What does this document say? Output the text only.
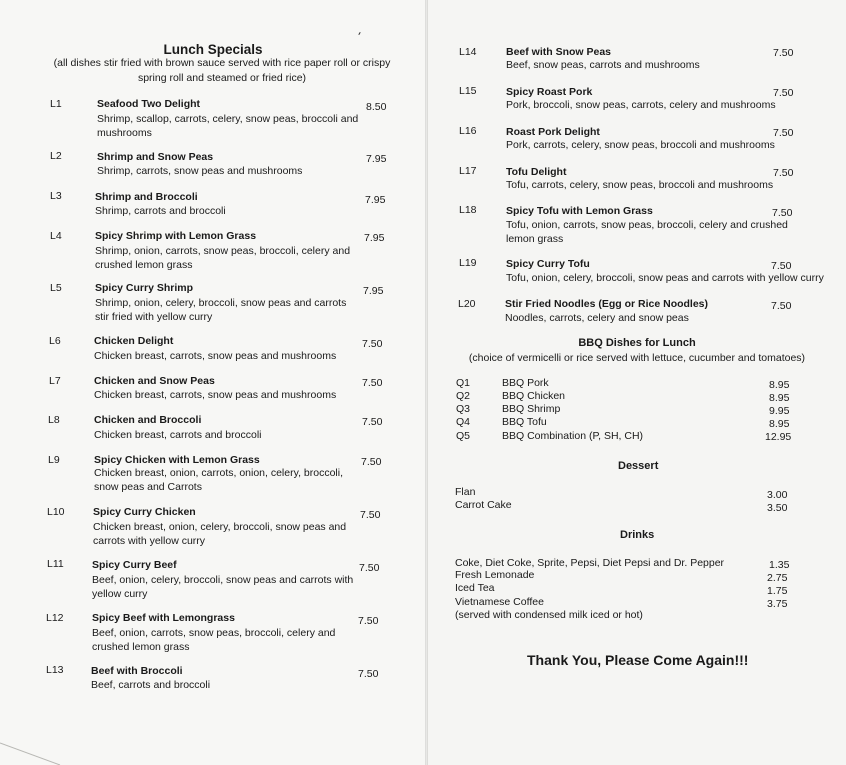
Lunch Specials
(all dishes stir fried with brown sauce served with rice paper roll or crispy spring roll and steamed or fried rice)
L1	Seafood Two Delight	8.50
Shrimp, scallop, carrots, celery, snow peas, broccoli and mushrooms
L2	Shrimp and Snow Peas	7.95
Shrimp, carrots, snow peas and mushrooms
L3	Shrimp and Broccoli	7.95
Shrimp, carrots and broccoli
L4	Spicy Shrimp with Lemon Grass	7.95
Shrimp, onion, carrots, snow peas, broccoli, celery and crushed lemon grass
L5	Spicy Curry Shrimp	7.95
Shrimp, onion, celery, broccoli, snow peas and carrots stir fried with yellow curry
L6	Chicken Delight	7.50
Chicken breast, carrots, snow peas and mushrooms
L7	Chicken and Snow Peas	7.50
Chicken breast, carrots, snow peas and mushrooms
L8	Chicken and Broccoli	7.50
Chicken breast, carrots and broccoli
L9	Spicy Chicken with Lemon Grass	7.50
Chicken breast, onion, carrots, onion, celery, broccoli, snow peas and Carrots
L10	Spicy Curry Chicken	7.50
Chicken breast, onion, celery, broccoli, snow peas and carrots with yellow curry
L11	Spicy Curry Beef	7.50
Beef, onion, celery, broccoli, snow peas and carrots with yellow curry
L12	Spicy Beef with Lemongrass	7.50
Beef, onion, carrots, snow peas, broccoli, celery and crushed lemon grass
L13	Beef with Broccoli	7.50
Beef, carrots and broccoli
L14	Beef with Snow Peas	7.50
Beef, snow peas, carrots and mushrooms
L15	Spicy Roast Pork	7.50
Pork, broccoli, snow peas, carrots, celery and mushrooms
L16	Roast Pork Delight	7.50
Pork, carrots, celery, snow peas, broccoli and mushrooms
L17	Tofu Delight	7.50
Tofu, carrots, celery, snow peas, broccoli and mushrooms
L18	Spicy Tofu with Lemon Grass	7.50
Tofu, onion, carrots, snow peas, broccoli, celery and crushed lemon grass
L19	Spicy Curry Tofu	7.50
Tofu, onion, celery, broccoli, snow peas and carrots with yellow curry
L20	Stir Fried Noodles (Egg or Rice Noodles)	7.50
Noodles, carrots, celery and snow peas
BBQ Dishes for Lunch
(choice of vermicelli or rice served with lettuce, cucumber and tomatoes)
Q1	BBQ Pork	8.95
Q2	BBQ Chicken	8.95
Q3	BBQ Shrimp	9.95
Q4	BBQ Tofu	8.95
Q5	BBQ Combination (P, SH, CH)	12.95
Dessert
Flan	3.00
Carrot Cake	3.50
Drinks
Coke, Diet Coke, Sprite, Pepsi, Diet Pepsi and Dr. Pepper	1.35
Fresh Lemonade	2.75
Iced Tea	1.75
Vietnamese Coffee	3.75
(served with condensed milk iced or hot)
Thank You, Please Come Again!!!
